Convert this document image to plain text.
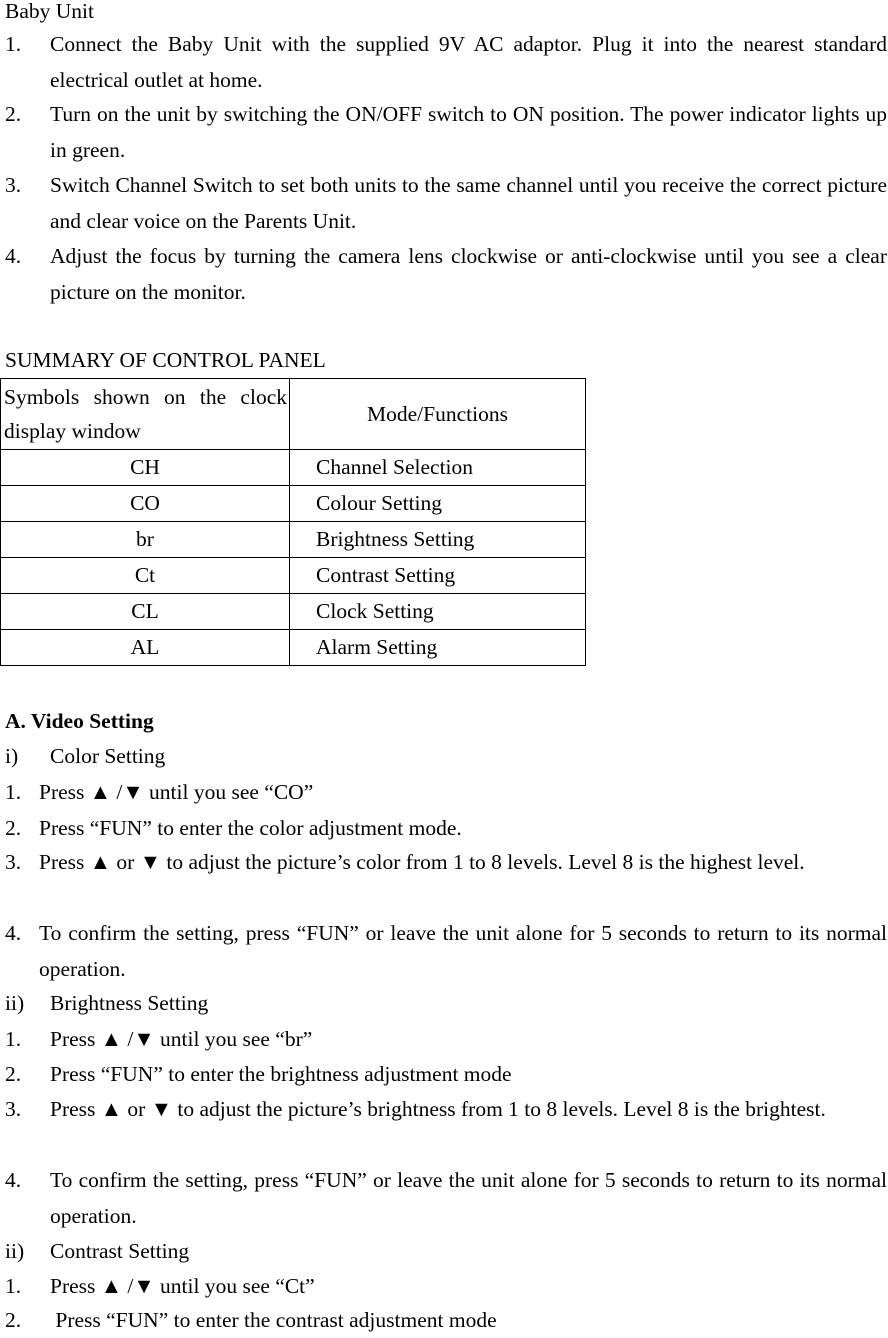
Baby Unit
1. Connect the Baby Unit with the supplied 9V AC adaptor. Plug it into the nearest standard electrical outlet at home.
2. Turn on the unit by switching the ON/OFF switch to ON position. The power indicator lights up in green.
3. Switch Channel Switch to set both units to the same channel until you receive the correct picture and clear voice on the Parents Unit.
4. Adjust the focus by turning the camera lens clockwise or anti-clockwise until you see a clear picture on the monitor.
SUMMARY OF CONTROL PANEL
Symbols shown on the clock display window	Mode/Functions
CH	Channel Selection
CO	Colour Setting
br	Brightness Setting
Ct	Contrast Setting
CL	Clock Setting
AL	Alarm Setting
A. Video Setting
i) Color Setting
1. Press ▲ /▼ until you see “CO”
2. Press “FUN” to enter the color adjustment mode.
3. Press ▲ or ▼ to adjust the picture’s color from 1 to 8 levels. Level 8 is the highest level.
4. To confirm the setting, press “FUN” or leave the unit alone for 5 seconds to return to its normal operation.
ii) Brightness Setting
1. Press ▲ /▼ until you see “br”
2. Press “FUN” to enter the brightness adjustment mode
3. Press ▲ or ▼ to adjust the picture’s brightness from 1 to 8 levels. Level 8 is the brightest.
4. To confirm the setting, press “FUN” or leave the unit alone for 5 seconds to return to its normal operation.
ii) Contrast Setting
1. Press ▲ /▼ until you see “Ct”
2. Press “FUN” to enter the contrast adjustment mode
